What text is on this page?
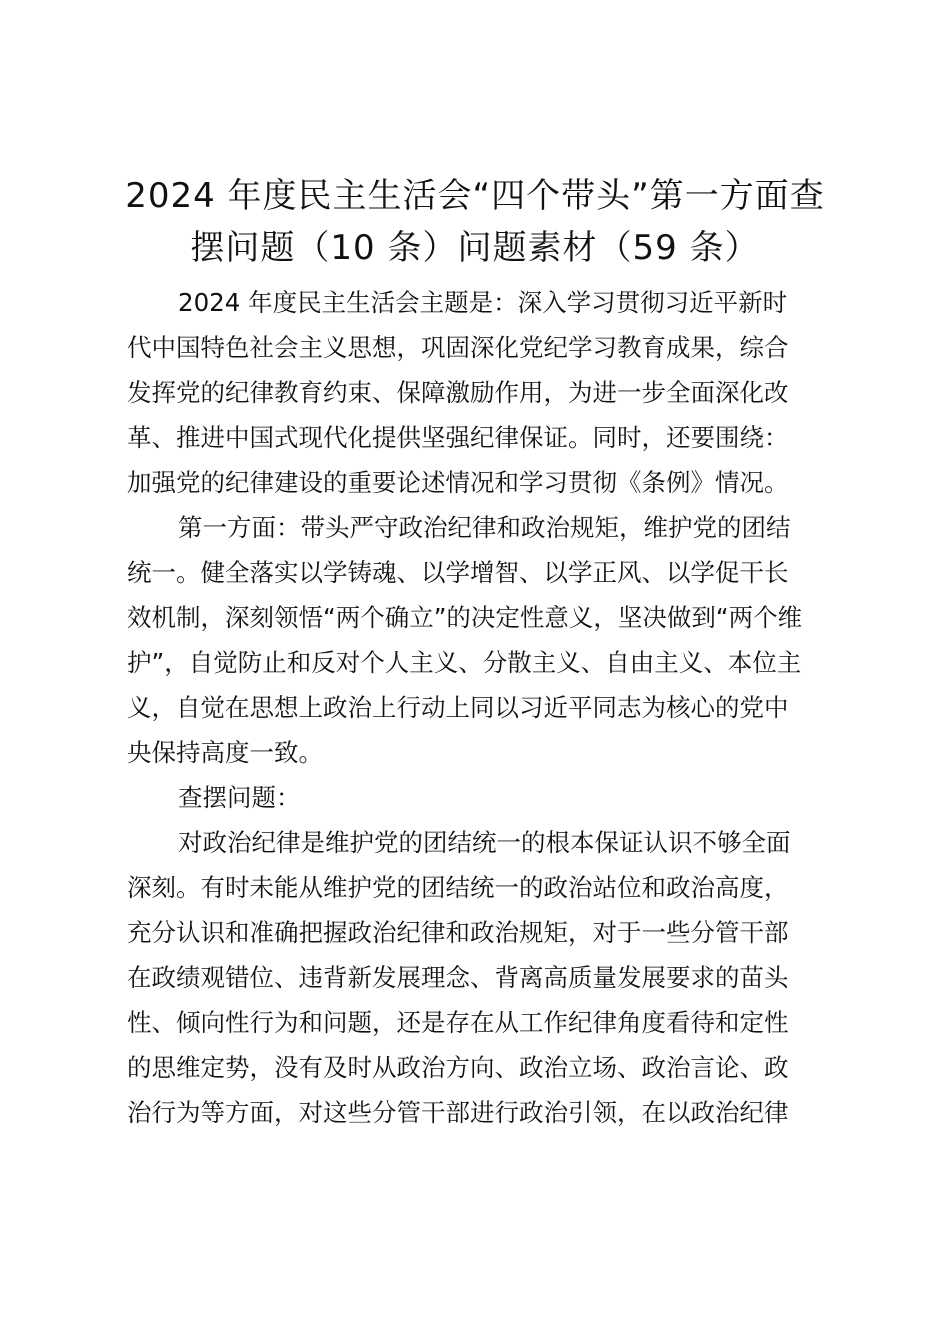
2024 年度民主生活会“四个带头”第一方面查
摆问题（10 条）问题素材（59 条）
2024 年度民主生活会主题是：深入学习贯彻习近平新时
代中国特色社会主义思想，巩固深化党纪学习教育成果，综合
发挥党的纪律教育约束、保障激励作用，为进一步全面深化改
革、推进中国式现代化提供坚强纪律保证。同时，还要围绕：
加强党的纪律建设的重要论述情况和学习贯彻《条例》情况。
第一方面：带头严守政治纪律和政治规矩，维护党的团结
统一。健全落实以学铸魂、以学增智、以学正风、以学促干长
效机制，深刻领悟“两个确立”的决定性意义，坚决做到“两个维
护”，自觉防止和反对个人主义、分散主义、自由主义、本位主
义，自觉在思想上政治上行动上同以习近平同志为核心的党中
央保持高度一致。
查摆问题：
对政治纪律是维护党的团结统一的根本保证认识不够全面
深刻。有时未能从维护党的团结统一的政治站位和政治高度，
充分认识和准确把握政治纪律和政治规矩，对于一些分管干部
在政绩观错位、违背新发展理念、背离高质量发展要求的苗头
性、倾向性行为和问题，还是存在从工作纪律角度看待和定性
的思维定势，没有及时从政治方向、政治立场、政治言论、政
治行为等方面，对这些分管干部进行政治引领，在以政治纪律
